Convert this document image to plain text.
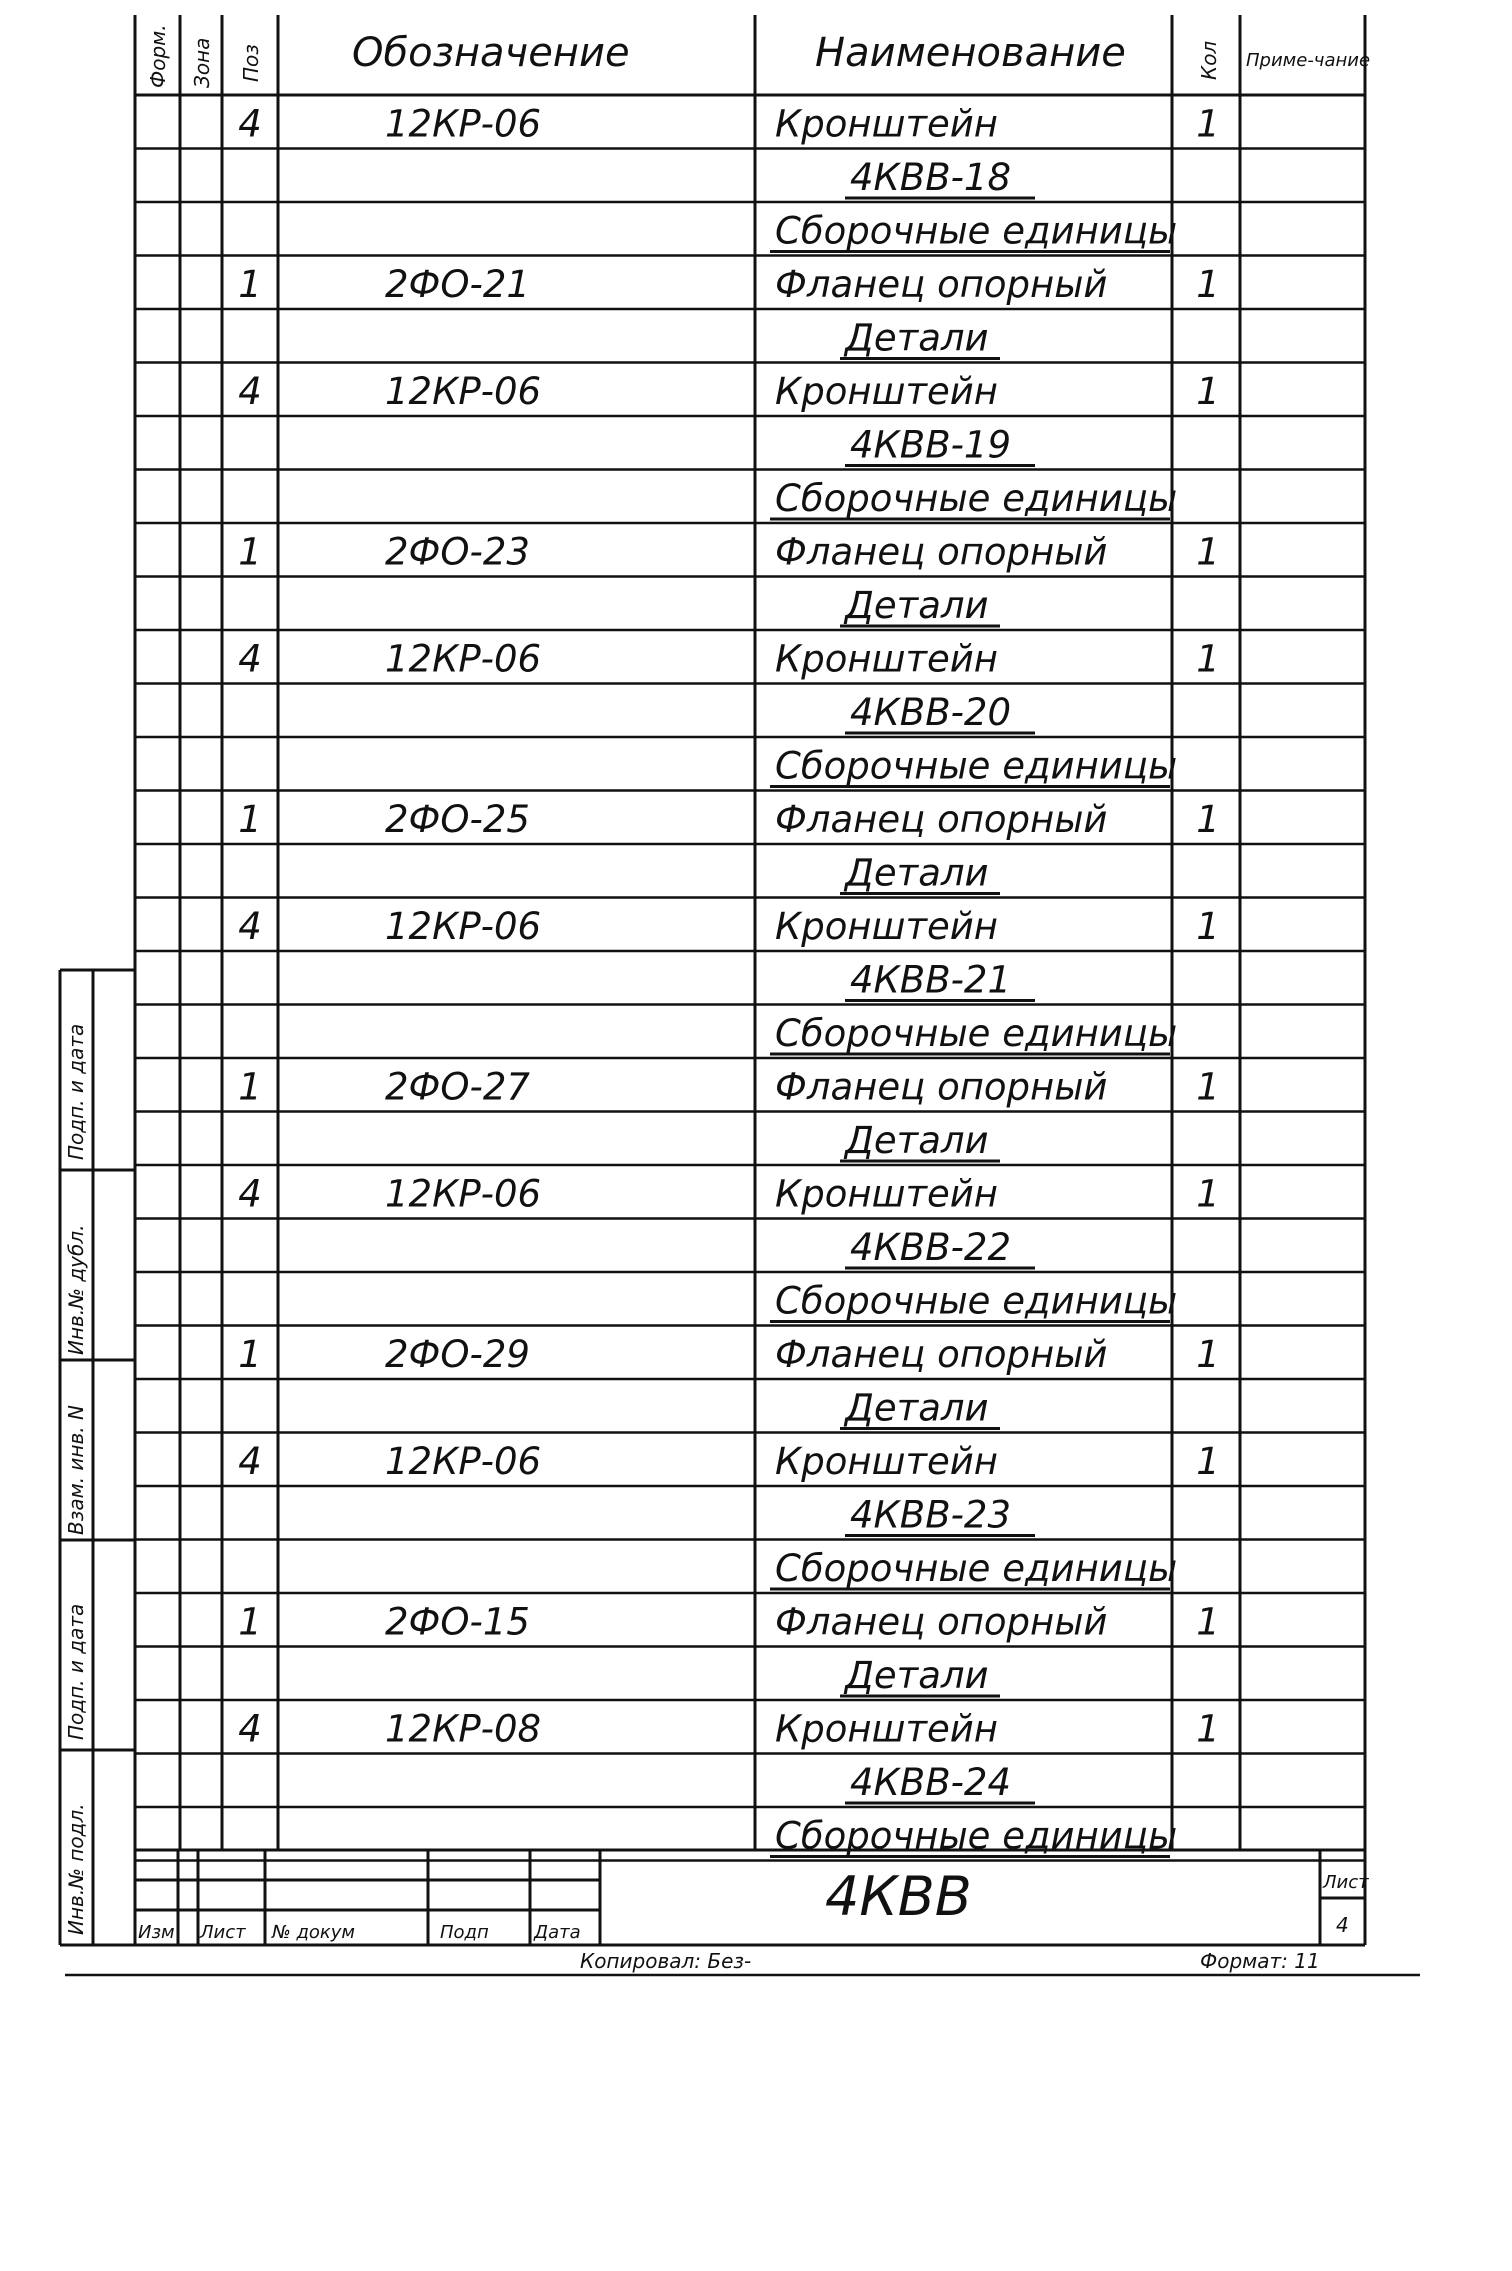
Форм. Зона Поз Обозначение	Наименование	Кол Приме-чание
4	12КР-06	Кронштейн	1
4КВВ-18
Сборочные единицы
1	2ФО-21	Фланец опорный 1
Детали
4	12КР-06	Кронштейн	1
4КВВ-19
Сборочные единицы
1	2ФО-23	Фланец опорный 1
Детали
4	12КР-06	Кронштейн	1
4КВВ-20
Сборочные единицы
1	2ФО-25	Фланец опорный 1
Детали
4	12КР-06	Кронштейн	1
4КВВ-21
Сборочные единицы
1	2ФО-27	Фланец опорный 1
Детали
4	12КР-06	Кронштейн	1
4КВВ-22
Сборочные единицы
1	2ФО-29	Фланец опорный 1
Детали
4	12КР-06	Кронштейн	1
4КВВ-23
Сборочные единицы
1	2ФО-15	Фланец опорный 1
Детали
4	12КР-08	Кронштейн	1
4КВВ-24
Сборочные единицы
Подп. и дата
Инв.№ дубл.
Взам. инв. N
Подп. и дата
Инв.№ подл.	Изм Лист № докум	Подп	Дата
4КВВ	Лист
4
Копировал: Без-	Формат: 11
